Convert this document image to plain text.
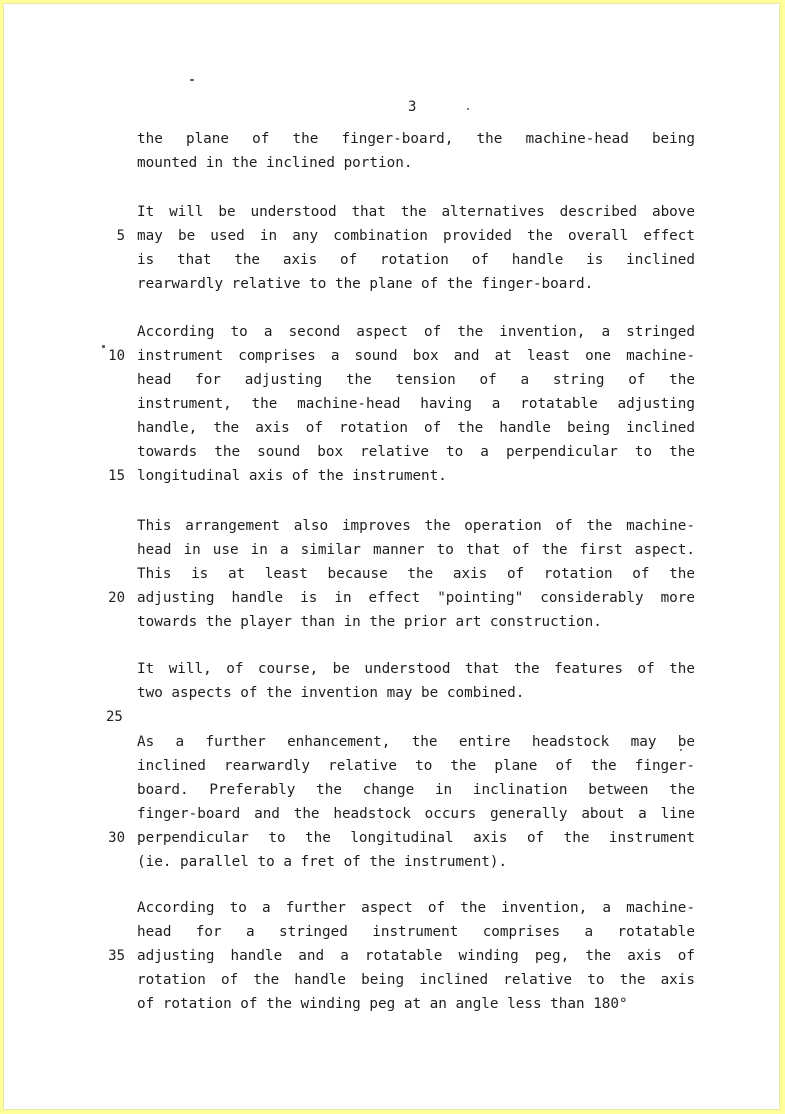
3
the plane of the finger-board, the machine-head being
mounted in the inclined portion.
It will be understood that the alternatives described above
may be used in any combination provided the overall effect
5
is that the axis of rotation of handle is inclined
rearwardly relative to the plane of the finger-board.
According to a second aspect of the invention, a stringed
instrument comprises a sound box and at least one machine-
10
head for adjusting the tension of a string of the
instrument, the machine-head having a rotatable adjusting
handle, the axis of rotation of the handle being inclined
towards the sound box relative to a perpendicular to the
longitudinal axis of the instrument.
15
This arrangement also improves the operation of the machine-
head in use in a similar manner to that of the first aspect.
This is at least because the axis of rotation of the
adjusting handle is in effect "pointing" considerably more
20
towards the player than in the prior art construction.
It will, of course, be understood that the features of the
two aspects of the invention may be combined.
As a further enhancement, the entire headstock may be
inclined rearwardly relative to the plane of the finger-
board. Preferably the change in inclination between the
finger-board and the headstock occurs generally about a line
perpendicular to the longitudinal axis of the instrument
30
(ie. parallel to a fret of the instrument).
According to a further aspect of the invention, a machine-
head for a stringed instrument comprises a rotatable
adjusting handle and a rotatable winding peg, the axis of
35
rotation of the handle being inclined relative to the axis
of rotation of the winding peg at an angle less than 180°
25
